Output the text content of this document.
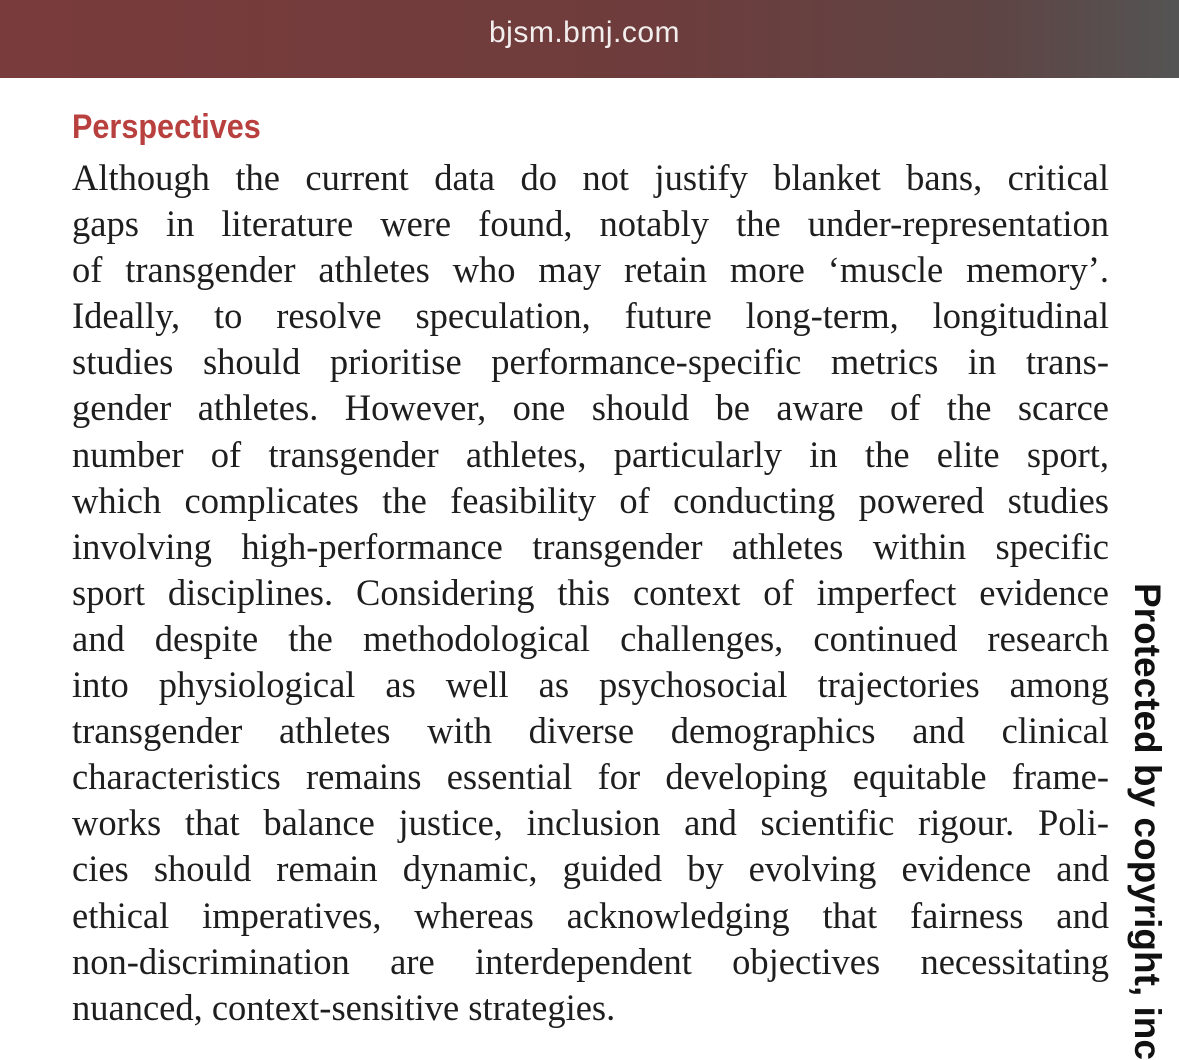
bjsm.bmj.com
Perspectives
Although the current data do not justify blanket bans, critical
gaps in literature were found, notably the under-representation
of transgender athletes who may retain more ‘muscle memory’.
Ideally, to resolve speculation, future long-term, longitudinal
studies should prioritise performance-specific metrics in trans-
gender athletes. However, one should be aware of the scarce
number of transgender athletes, particularly in the elite sport,
which complicates the feasibility of conducting powered studies
involving high-performance transgender athletes within specific
sport disciplines. Considering this context of imperfect evidence
and despite the methodological challenges, continued research
into physiological as well as psychosocial trajectories among
transgender athletes with diverse demographics and clinical
characteristics remains essential for developing equitable frame-
works that balance justice, inclusion and scientific rigour. Poli-
cies should remain dynamic, guided by evolving evidence and
ethical imperatives, whereas acknowledging that fairness and
non-discrimination are interdependent objectives necessitating
nuanced, context-sensitive strategies.	Protected by copyright, inc
